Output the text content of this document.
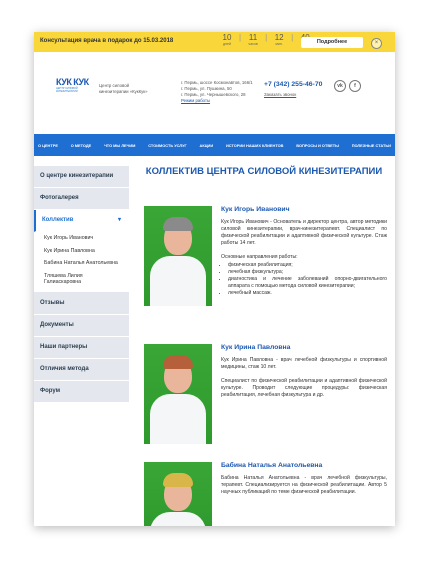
Консультация врача в подарок до 15.03.2018	10
дней
| 11
часов
| 12
мин.
|	Подробнее	×
КУК КУК
ЦЕНТР СИЛОВОЙ КИНЕЗИТЕРАПИИ
Центр силовой кинезитерапии «КукКук»
г. Пермь, шоссе Космонавтов, 166/1
г. Пермь, ул. Пушкина, 50
г. Пермь, ул. Чернышевского, 28
Режим работы
+7 (342) 255-46-70
Заказать звонок
vk	f
О ЦЕНТРЕ	О МЕТОДЕ	ЧТО МЫ ЛЕЧИМ	СТОИМОСТЬ УСЛУГ	АКЦИИ	ИСТОРИИ НАШИХ КЛИЕНТОВ	ВОПРОСЫ И ОТВЕТЫ	ПОЛЕЗНЫЕ СТАТЬИ
О центре кинезитерапии
Фотогалерея
Коллектив	▾
Кук Игорь Иванович
Кук Ирина Павловна
Бабина Наталья Анатольевна
Тляшева Лилия Галиаскаровна
Отзывы
Документы
Наши партнеры
Отличия метода
Форум
КОЛЛЕКТИВ ЦЕНТРА СИЛОВОЙ КИНЕЗИТЕРАПИИ
Кук Игорь Иванович

Кук Игорь Иванович - Основатель и директор центра, автор методики силовой кинезитерапии, врач-кинезитерапевт. Специалист по физической реабилитации и адаптивной физической культуре. Стаж работы 14 лет.

Основные направления работы:

• физическая реабилитация;
• лечебная физкультура;
• диагностика и лечение заболеваний опорно-двигательного аппарата с помощью метода силовой кинезитерапии;
• лечебный массаж.
Кук Ирина Павловна

Кук Ирина Павловна - врач лечебной физкультуры и спортивной медицины, стаж 10 лет.

Специалист по физической реабилитации и адаптивной физической культуре. Проводит следующие процедуры: физическая реабилитация, лечебная физкультура и др.

Бабина Наталья Анатольевна

Бабина Наталья Анатольевна - врач лечебной физкультуры, терапевт. Специализируется на физической реабилитации. Автор 5 научных публикаций по теме физической реабилитации.
